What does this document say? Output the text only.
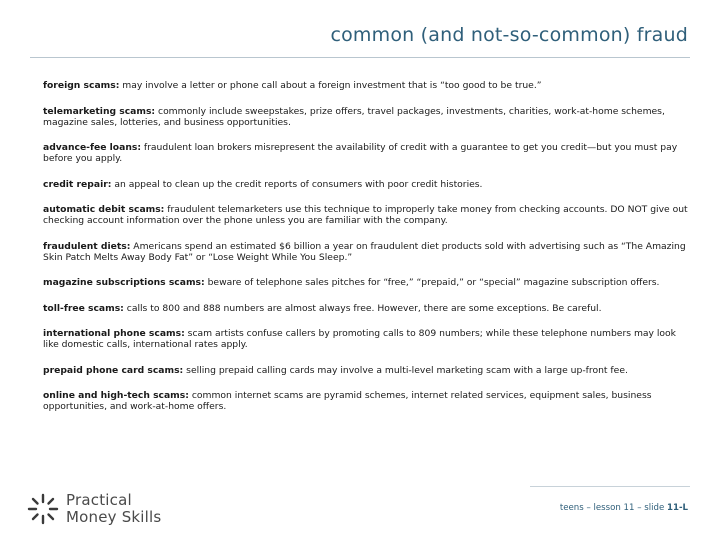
common (and not-so-common) fraud
foreign scams: may involve a letter or phone call about a foreign investment that is “too good to be true.”
telemarketing scams: commonly include sweepstakes, prize offers, travel packages, investments, charities, work-at-home schemes, magazine sales, lotteries, and business opportunities.
advance-fee loans: fraudulent loan brokers misrepresent the availability of credit with a guarantee to get you credit—but you must pay before you apply.
credit repair: an appeal to clean up the credit reports of consumers with poor credit histories.
automatic debit scams: fraudulent telemarketers use this technique to improperly take money from checking accounts. DO NOT give out checking account information over the phone unless you are familiar with the company.
fraudulent diets: Americans spend an estimated $6 billion a year on fraudulent diet products sold with advertising such as “The Amazing Skin Patch Melts Away Body Fat” or “Lose Weight While You Sleep.”
magazine subscriptions scams: beware of telephone sales pitches for “free,” “prepaid,” or “special” magazine subscription offers.
toll-free scams: calls to 800 and 888 numbers are almost always free. However, there are some exceptions. Be careful.
international phone scams: scam artists confuse callers by promoting calls to 809 numbers; while these telephone numbers may look like domestic calls, international rates apply.
prepaid phone card scams: selling prepaid calling cards may involve a multi-level marketing scam with a large up-front fee.
online and high-tech scams: common internet scams are pyramid schemes, internet related services, equipment sales, business opportunities, and work-at-home offers.
Practical
Money Skills	teens – lesson 11 – slide 11-L
